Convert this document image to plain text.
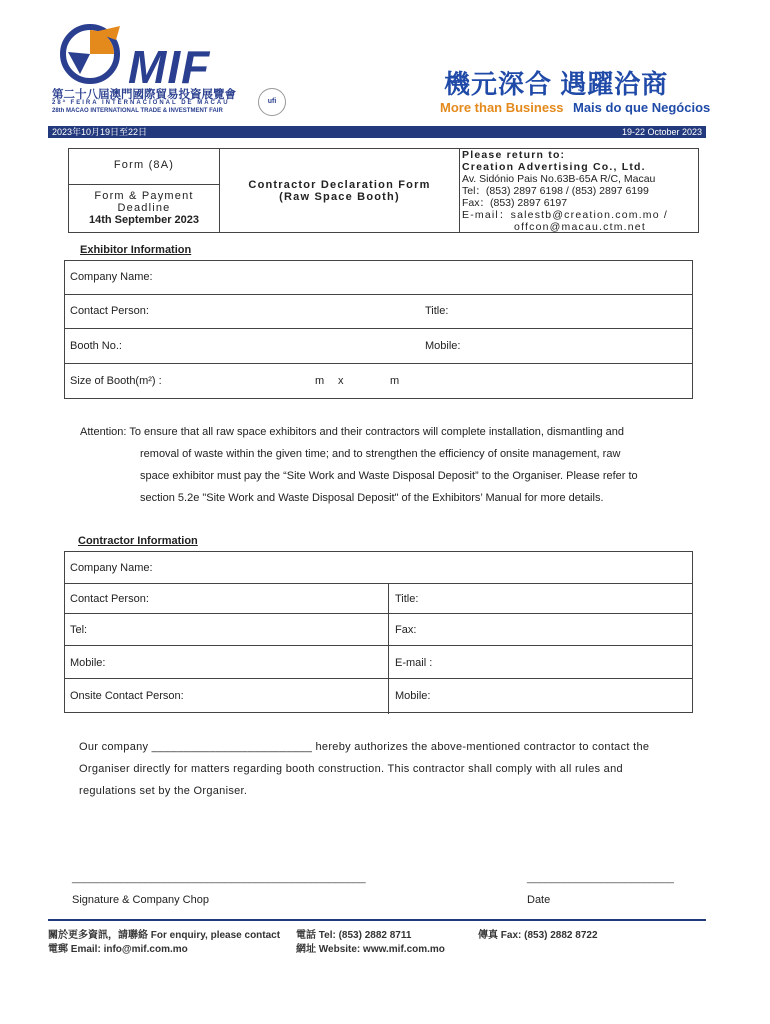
MIF
第二十八屆澳門國際貿易投資展覽會
28ª FEIRA INTERNACIONAL DE MACAU
28th MACAO INTERNATIONAL TRADE & INVESTMENT FAIR
ufi
機元深合 遇躍洽商
More than Business Mais do que Negócios
2023年10月19日至22日	19-22 October 2023
Form (8A)
Form & Payment
Deadline
14th September 2023
Contractor Declaration Form
(Raw Space Booth)
Please return to:
Creation Advertising Co., Ltd.
Av. Sidónio Pais No.63B-65A R/C, Macau
Tel：(853) 2897 6198 / (853) 2897 6199
Fax：(853) 2897 6197
E-mail：salestb@creation.com.mo /
offcon@macau.ctm.net
Exhibitor Information
Company Name:
Contact Person:	Title:
Booth No.:	Mobile:
Size of Booth(m²) :	m x	m
Attention: To ensure that all raw space exhibitors and their contractors will complete installation, dismantling and
removal of waste within the given time; and to strengthen the efficiency of onsite management, raw
space exhibitor must pay the “Site Work and Waste Disposal Deposit” to the Organiser. Please refer to
section 5.2e "Site Work and Waste Disposal Deposit" of the Exhibitors’ Manual for more details.
Contractor Information
Company Name:
Contact Person:	Title:
Tel:	Fax:
Mobile:	E-mail :
Onsite Contact Person:	Mobile:
Our company _________________________ hereby authorizes the above-mentioned contractor to contact the
Organiser directly for matters regarding booth construction. This contractor shall comply with all rules and
regulations set by the Organiser.
________________________________________________
Signature & Company Chop
________________________
Date
關於更多資訊，請聯絡 For enquiry, please contact
電郵 Email: info@mif.com.mo
電話 Tel: (853) 2882 8711
網址 Website: www.mif.com.mo
傳真 Fax: (853) 2882 8722
